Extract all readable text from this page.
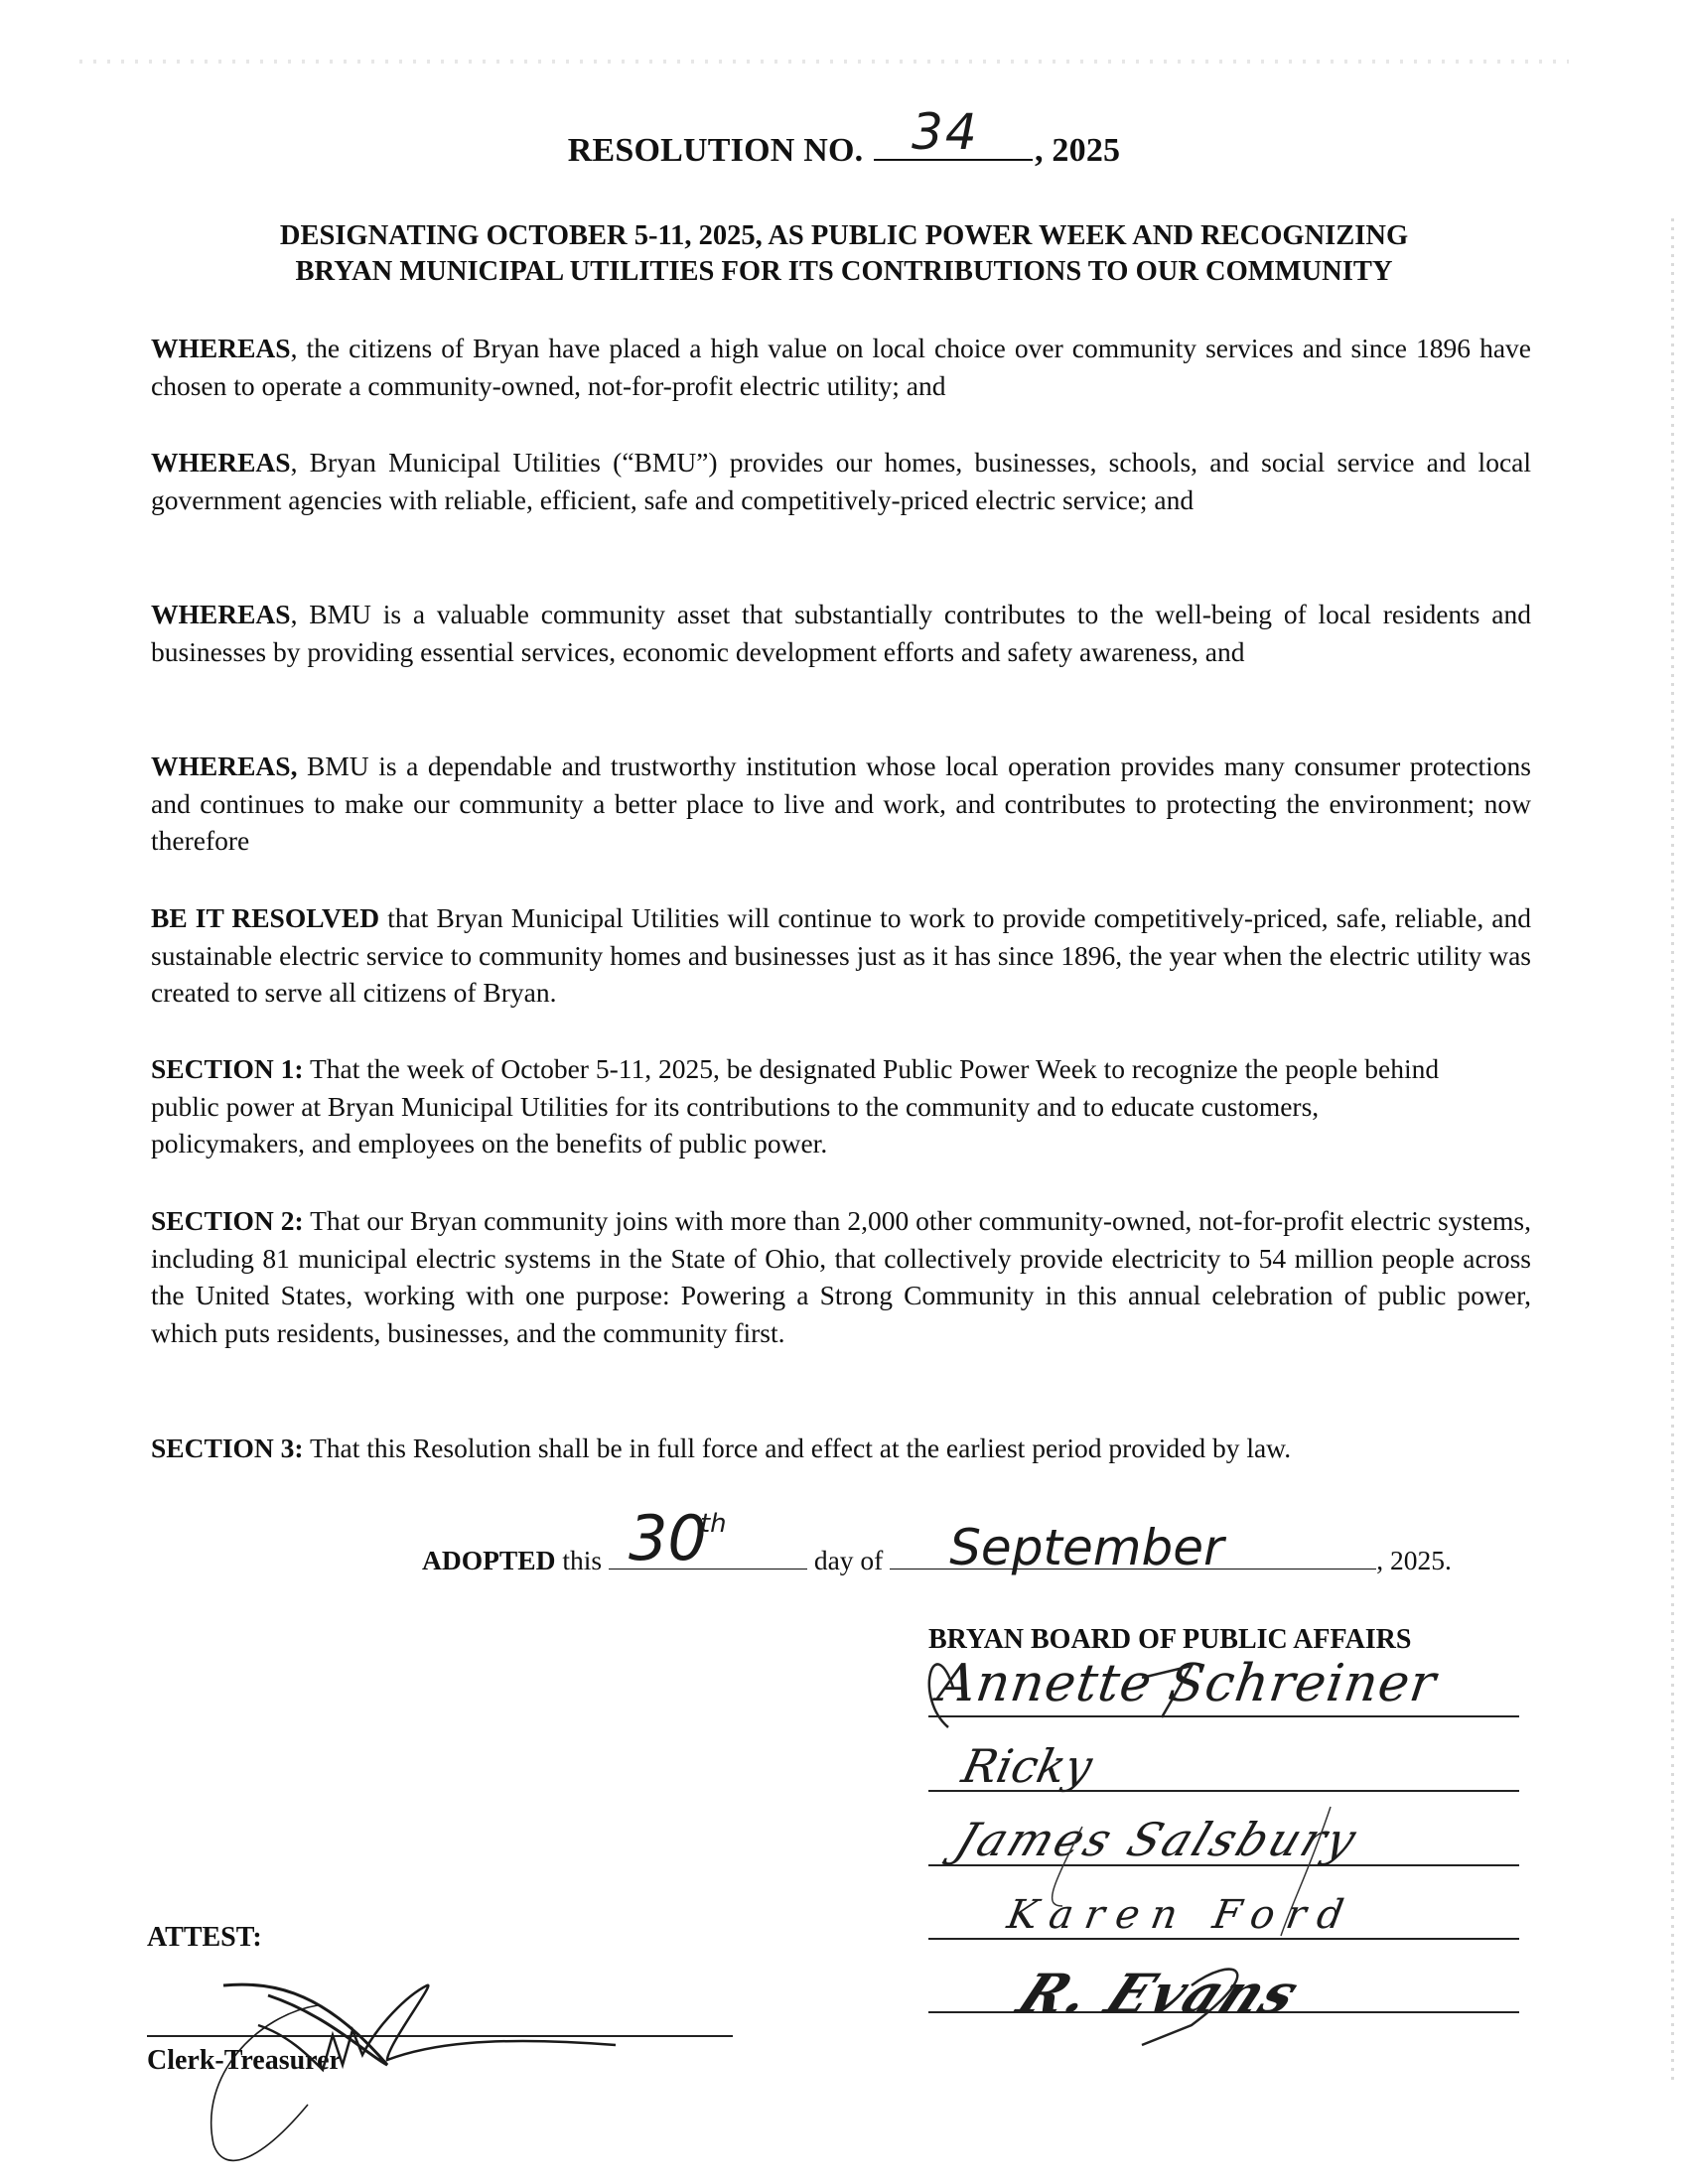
RESOLUTION NO. 34 , 2025
DESIGNATING OCTOBER 5-11, 2025, AS PUBLIC POWER WEEK AND RECOGNIZING
BRYAN MUNICIPAL UTILITIES FOR ITS CONTRIBUTIONS TO OUR COMMUNITY
WHEREAS, the citizens of Bryan have placed a high value on local choice over community services and since 1896 have chosen to operate a community-owned, not-for-profit electric utility; and
WHEREAS, Bryan Municipal Utilities (“BMU”) provides our homes, businesses, schools, and social service and local government agencies with reliable, efficient, safe and competitively-priced electric service; and
WHEREAS, BMU is a valuable community asset that substantially contributes to the well-being of local residents and businesses by providing essential services, economic development efforts and safety awareness, and
WHEREAS, BMU is a dependable and trustworthy institution whose local operation provides many consumer protections and continues to make our community a better place to live and work, and contributes to protecting the environment; now therefore
BE IT RESOLVED that Bryan Municipal Utilities will continue to work to provide competitively-priced, safe, reliable, and sustainable electric service to community homes and businesses just as it has since 1896, the year when the electric utility was created to serve all citizens of Bryan.
SECTION 1: That the week of October 5-11, 2025, be designated Public Power Week to recognize the people behind public power at Bryan Municipal Utilities for its contributions to the community and to educate customers, policymakers, and employees on the benefits of public power.
SECTION 2: That our Bryan community joins with more than 2,000 other community-owned, not-for-profit electric systems, including 81 municipal electric systems in the State of Ohio, that collectively provide electricity to 54 million people across the United States, working with one purpose: Powering a Strong Community in this annual celebration of public power, which puts residents, businesses, and the community first.
SECTION 3: That this Resolution shall be in full force and effect at the earliest period provided by law.
ADOPTED this 30
th
day of September	, 2025.
BRYAN BOARD OF PUBLIC AFFAIRS
Annette Schreiner
Ricky
James Salsbury
Karen Ford
R. Evans
ATTEST:
Clerk-Treasurer
